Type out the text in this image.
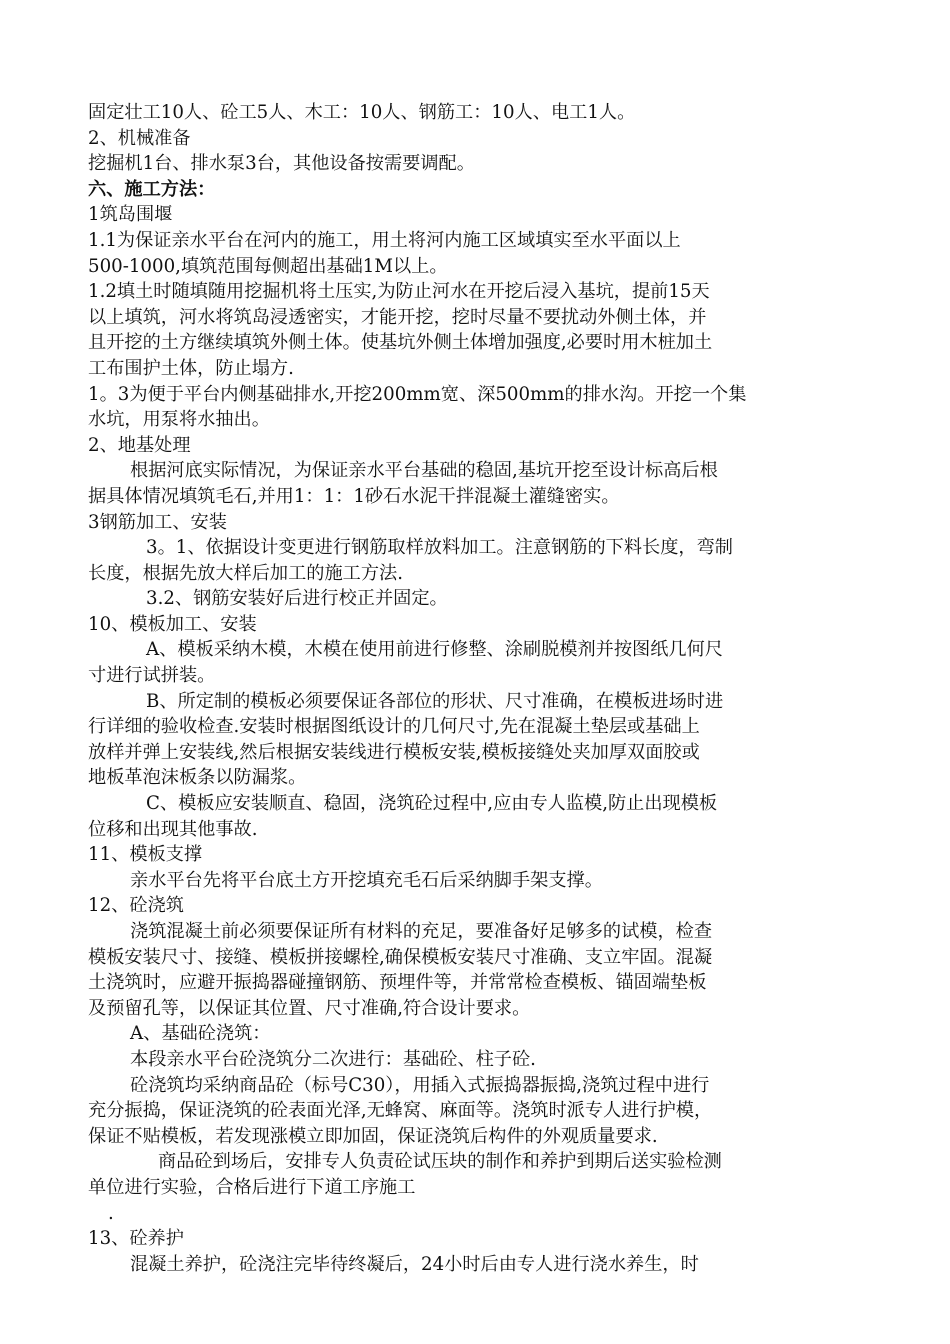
固定壮工10人、砼工5人、木工：10人、钢筋工：10人、电工1人。

2、机械准备

挖掘机1台、排水泵3台，其他设备按需要调配。

六、施工方法：

1筑岛围堰

1.1为保证亲水平台在河内的施工，用土将河内施工区域填实至水平面以上

500-1000,填筑范围每侧超出基础1M以上。

1.2填土时随填随用挖掘机将土压实,为防止河水在开挖后浸入基坑，提前15天

以上填筑，河水将筑岛浸透密实，才能开挖，挖时尽量不要扰动外侧土体，并

且开挖的土方继续填筑外侧土体。使基坑外侧土体增加强度,必要时用木桩加土

工布围护土体，防止塌方.

1。3为便于平台内侧基础排水,开挖200mm宽、深500mm的排水沟。开挖一个集

水坑，用泵将水抽出。

2、地基处理

根据河底实际情况，为保证亲水平台基础的稳固,基坑开挖至设计标高后根

据具体情况填筑毛石,并用1：1：1砂石水泥干拌混凝土灌缝密实。

3钢筋加工、安装

3。1、依据设计变更进行钢筋取样放料加工。注意钢筋的下料长度，弯制

长度，根据先放大样后加工的施工方法.

3.2、钢筋安装好后进行校正并固定。

10、模板加工、安装

A、模板采纳木模，木模在使用前进行修整、涂刷脱模剂并按图纸几何尺

寸进行试拼装。

B、所定制的模板必须要保证各部位的形状、尺寸准确，在模板进场时进

行详细的验收检查.安装时根据图纸设计的几何尺寸,先在混凝土垫层或基础上

放样并弹上安装线,然后根据安装线进行模板安装,模板接缝处夹加厚双面胶或

地板革泡沫板条以防漏浆。

C、模板应安装顺直、稳固，浇筑砼过程中,应由专人监模,防止出现模板

位移和出现其他事故.

11、模板支撑

亲水平台先将平台底土方开挖填充毛石后采纳脚手架支撑。

12、砼浇筑

浇筑混凝土前必须要保证所有材料的充足，要准备好足够多的试模，检查

模板安装尺寸、接缝、模板拼接螺栓,确保模板安装尺寸准确、支立牢固。混凝

土浇筑时，应避开振捣器碰撞钢筋、预埋件等，并常常检查模板、锚固端垫板

及预留孔等，以保证其位置、尺寸准确,符合设计要求。

A、基础砼浇筑：

本段亲水平台砼浇筑分二次进行：基础砼、柱子砼.

砼浇筑均采纳商品砼（标号C30），用插入式振捣器振捣,浇筑过程中进行

充分振捣，保证浇筑的砼表面光泽,无蜂窝、麻面等。浇筑时派专人进行护模，

保证不贴模板，若发现涨模立即加固，保证浇筑后构件的外观质量要求.

商品砼到场后，安排专人负责砼试压块的制作和养护到期后送实验检测

单位进行实验，合格后进行下道工序施工

.

13、砼养护

混凝土养护，砼浇注完毕待终凝后，24小时后由专人进行浇水养生，时
